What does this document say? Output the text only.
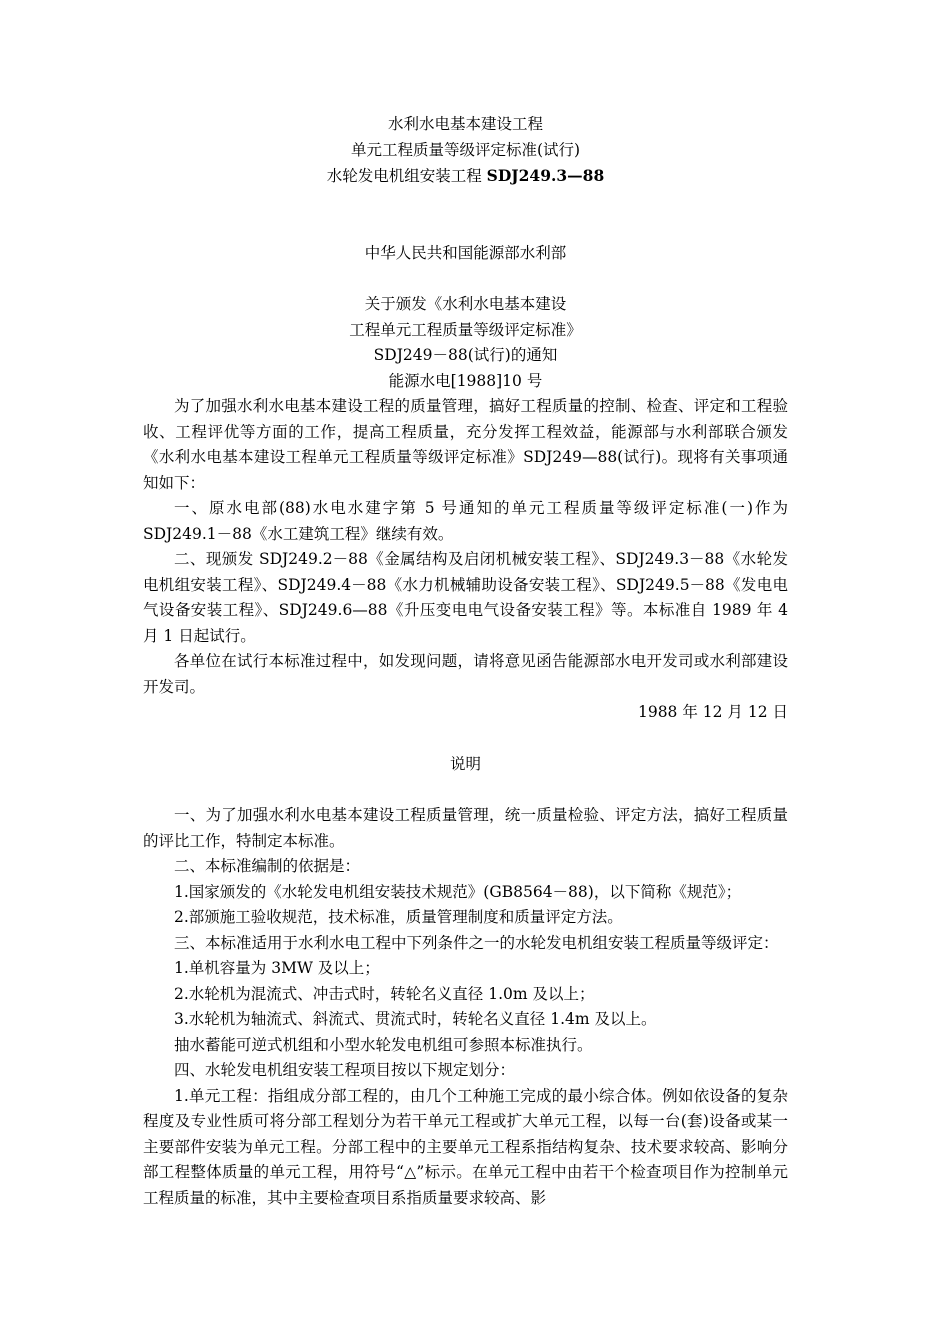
水利水电基本建设工程

单元工程质量等级评定标准(试行)

水轮发电机组安装工程 SDJ249.3—88

中华人民共和国能源部水利部

关于颁发《水利水电基本建设

工程单元工程质量等级评定标准》

SDJ249－88(试行)的通知

能源水电[1988]10 号

为了加强水利水电基本建设工程的质量管理，搞好工程质量的控制、检查、评定和工程验收、工程评优等方面的工作，提高工程质量，充分发挥工程效益，能源部与水利部联合颁发《水利水电基本建设工程单元工程质量等级评定标准》SDJ249—88(试行)。现将有关事项通知如下：

一、原水电部(88)水电水建字第 5 号通知的单元工程质量等级评定标准(一)作为 SDJ249.1－88《水工建筑工程》继续有效。

二、现颁发 SDJ249.2－88《金属结构及启闭机械安装工程》、SDJ249.3－88《水轮发电机组安装工程》、SDJ249.4－88《水力机械辅助设备安装工程》、SDJ249.5－88《发电电气设备安装工程》、SDJ249.6—88《升压变电电气设备安装工程》等。本标准自 1989 年 4 月 1 日起试行。

各单位在试行本标准过程中，如发现问题，请将意见函告能源部水电开发司或水利部建设开发司。

1988 年 12 月 12 日

说明

一、为了加强水利水电基本建设工程质量管理，统一质量检验、评定方法，搞好工程质量的评比工作，特制定本标准。

二、本标准编制的依据是：

1.国家颁发的《水轮发电机组安装技术规范》(GB8564－88)，以下简称《规范》；

2.部颁施工验收规范，技术标准，质量管理制度和质量评定方法。

三、本标准适用于水利水电工程中下列条件之一的水轮发电机组安装工程质量等级评定：

1.单机容量为 3MW 及以上；

2.水轮机为混流式、冲击式时，转轮名义直径 1.0m 及以上；

3.水轮机为轴流式、斜流式、贯流式时，转轮名义直径 1.4m 及以上。

抽水蓄能可逆式机组和小型水轮发电机组可参照本标准执行。

四、水轮发电机组安装工程项目按以下规定划分：

1.单元工程：指组成分部工程的，由几个工种施工完成的最小综合体。例如依设备的复杂程度及专业性质可将分部工程划分为若干单元工程或扩大单元工程，以每一台(套)设备或某一主要部件安装为单元工程。分部工程中的主要单元工程系指结构复杂、技术要求较高、影响分部工程整体质量的单元工程，用符号“△”标示。在单元工程中由若干个检查项目作为控制单元工程质量的标准，其中主要检查项目系指质量要求较高、影
